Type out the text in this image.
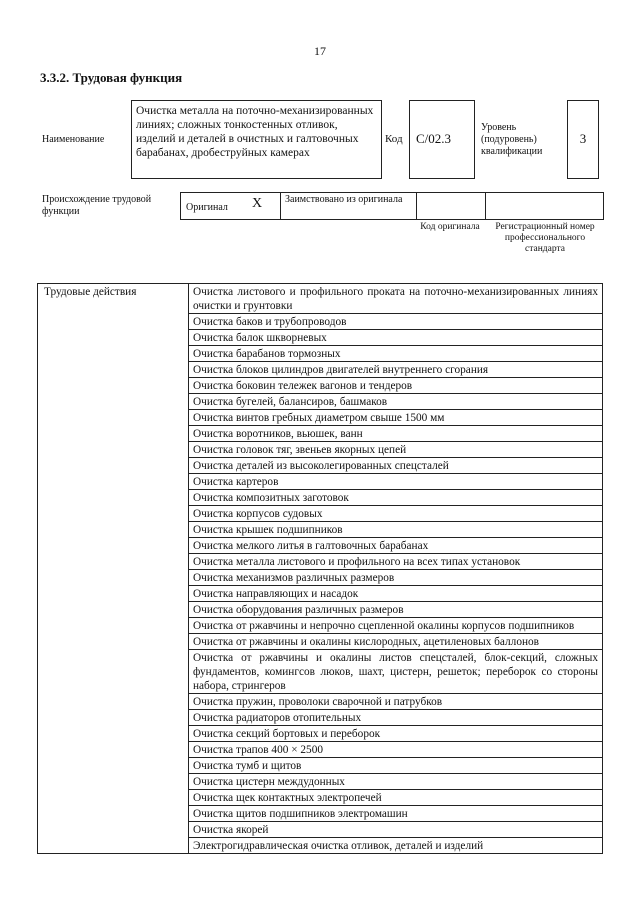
17
3.3.2. Трудовая функция
Наименование
Очистка металла на поточно-механизированных линиях; сложных тонкостенных отливок, изделий и деталей в очистных и галтовочных барабанах, дробеструйных камерах
Код	C/02.3
Уровень (подуровень) квалификации
3
Происхождение трудовой функции	Оригинал	X	Заимствовано из оригинала
Код оригинала	Регистрационный номер профессионального стандарта
Трудовые действия	Очистка листового и профильного проката на поточно-механизированных линиях очистки и грунтовки
Очистка баков и трубопроводов
Очистка балок шкворневых
Очистка барабанов тормозных
Очистка блоков цилиндров двигателей внутреннего сгорания
Очистка боковин тележек вагонов и тендеров
Очистка бугелей, балансиров, башмаков
Очистка винтов гребных диаметром свыше 1500 мм
Очистка воротников, вьюшек, ванн
Очистка головок тяг, звеньев якорных цепей
Очистка деталей из высоколегированных спецсталей
Очистка картеров
Очистка композитных заготовок
Очистка корпусов судовых
Очистка крышек подшипников
Очистка мелкого литья в галтовочных барабанах
Очистка металла листового и профильного на всех типах установок
Очистка механизмов различных размеров
Очистка направляющих и насадок
Очистка оборудования различных размеров
Очистка от ржавчины и непрочно сцепленной окалины корпусов подшипников
Очистка от ржавчины и окалины кислородных, ацетиленовых баллонов
Очистка от ржавчины и окалины листов спецсталей, блок-секций, сложных фундаментов, комингсов люков, шахт, цистерн, решеток; переборок со стороны набора, стрингеров
Очистка пружин, проволоки сварочной и патрубков
Очистка радиаторов отопительных
Очистка секций бортовых и переборок
Очистка трапов 400 × 2500
Очистка тумб и щитов
Очистка цистерн междудонных
Очистка щек контактных электропечей
Очистка щитов подшипников электромашин
Очистка якорей
Электрогидравлическая очистка отливок, деталей и изделий
